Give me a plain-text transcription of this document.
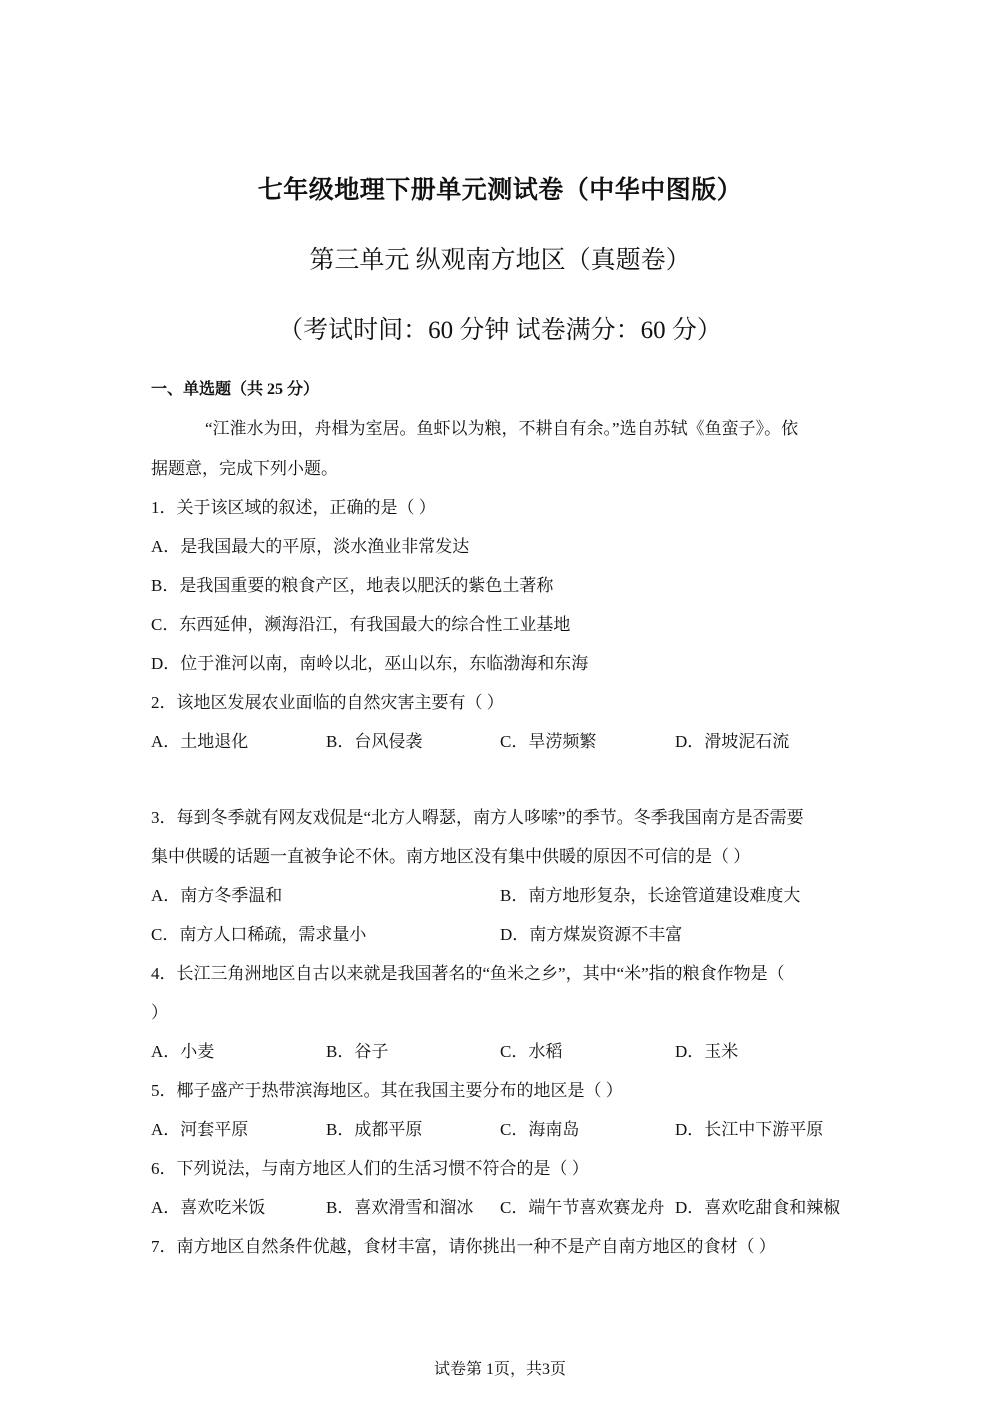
七年级地理下册单元测试卷（中华中图版）
第三单元 纵观南方地区（真题卷）
（考试时间：60 分钟 试卷满分：60 分）
一、单选题（共 25 分）
“江淮水为田，舟楫为室居。鱼虾以为粮，不耕自有余。”选自苏轼《鱼蛮子》。依
据题意，完成下列小题。
1．关于该区域的叙述，正确的是（ ）
A．是我国最大的平原，淡水渔业非常发达
B．是我国重要的粮食产区，地表以肥沃的紫色土著称
C．东西延伸，濒海沿江，有我国最大的综合性工业基地
D．位于淮河以南，南岭以北，巫山以东，东临渤海和东海
2．该地区发展农业面临的自然灾害主要有（ ）
A．土地退化	B．台风侵袭	C．旱涝频繁	D．滑坡泥石流
3．每到冬季就有网友戏侃是“北方人嘚瑟，南方人哆嗦”的季节。冬季我国南方是否需要
集中供暖的话题一直被争论不休。南方地区没有集中供暖的原因不可信的是（ ）
A．南方冬季温和	B．南方地形复杂，长途管道建设难度大
C．南方人口稀疏，需求量小	D．南方煤炭资源不丰富
4．长江三角洲地区自古以来就是我国著名的“鱼米之乡”，其中“米”指的粮食作物是（
）
A．小麦	B．谷子	C．水稻	D．玉米
5．椰子盛产于热带滨海地区。其在我国主要分布的地区是（ ）
A．河套平原	B．成都平原	C．海南岛	D．长江中下游平原
6．下列说法，与南方地区人们的生活习惯不符合的是（ ）
A．喜欢吃米饭	B．喜欢滑雪和溜冰 C．端午节喜欢赛龙舟 D．喜欢吃甜食和辣椒
7．南方地区自然条件优越，食材丰富，请你挑出一种不是产自南方地区的食材（ ）
试卷第 1页，共3页
